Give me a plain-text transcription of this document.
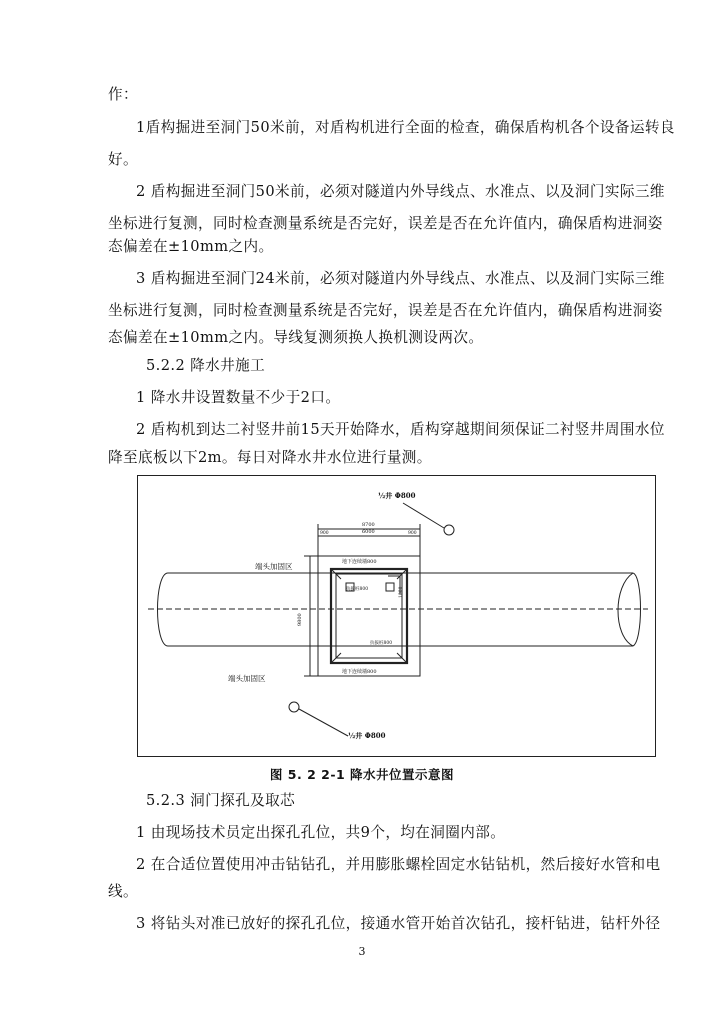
作：
1盾构掘进至洞门50米前，对盾构机进行全面的检查，确保盾构机各个设备运转良
好。
2 盾构掘进至洞门50米前，必须对隧道内外导线点、水准点、以及洞门实际三维
坐标进行复测，同时检查测量系统是否完好，误差是否在允许值内，确保盾构进洞姿
态偏差在±10mm之内。
3 盾构掘进至洞门24米前，必须对隧道内外导线点、水准点、以及洞门实际三维
坐标进行复测，同时检查测量系统是否完好，误差是否在允许值内，确保盾构进洞姿
态偏差在±10mm之内。导线复测须换人换机测设两次。
5.2.2 降水井施工
1 降水井设置数量不少于2口。
2 盾构机到达二衬竖井前15天开始降水，盾构穿越期间须保证二衬竖井周围水位
降至底板以下2m。每日对降水井水位进行量测。
½井 Φ800
½井 Φ800
8700
6000
900	900
9800
端头加固区
端头加固区
地下连续墙800
地下连续墙800
抗拔桩800
抗拔桩800
1000
图 5. 2 2-1 降水井位置示意图
5.2.3 洞门探孔及取芯
1 由现场技术员定出探孔孔位，共9个，均在洞圈内部。
2 在合适位置使用冲击钻钻孔，并用膨胀螺栓固定水钻钻机，然后接好水管和电
线。
3 将钻头对准已放好的探孔孔位，接通水管开始首次钻孔，接杆钻进，钻杆外径
3
